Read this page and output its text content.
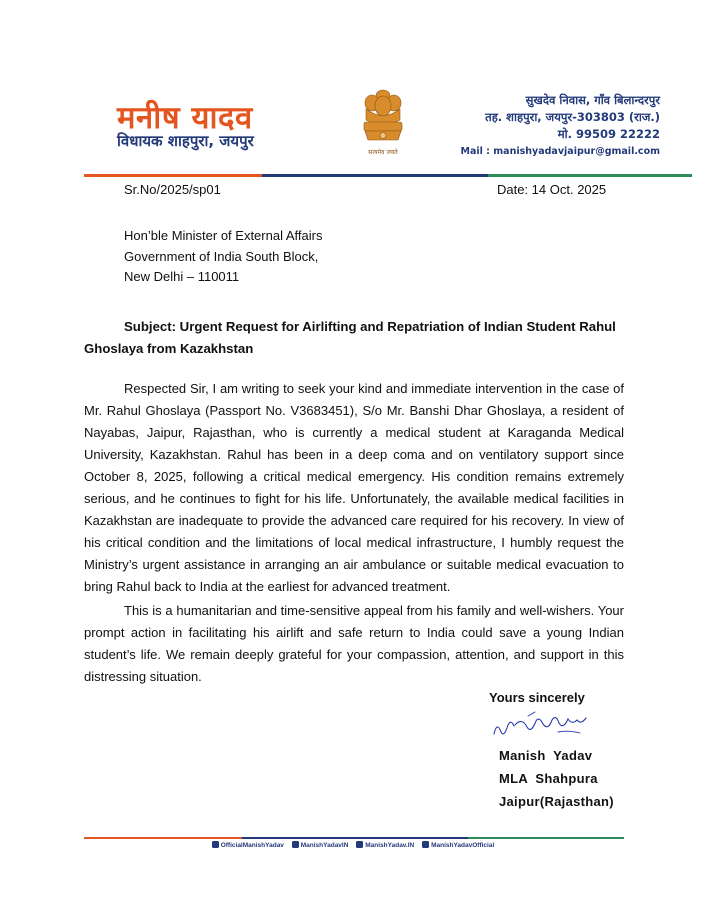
मनीष यादव
विधायक शाहपुरा, जयपुर
सत्यमेव जयते
सुखदेव निवास, गाँव बिलान्दरपुर
तह. शाहपुरा, जयपुर-303803 (राज.)
मो. 99509 22222
Mail : manishyadavjaipur@gmail.com
Sr.No/2025/sp01	Date: 14 Oct. 2025
Hon’ble Minister of External Affairs
Government of India South Block,
New Delhi – 110011
Subject: Urgent Request for Airlifting and Repatriation of Indian Student Rahul Ghoslaya from Kazakhstan
Respected Sir, I am writing to seek your kind and immediate intervention in the case of Mr. Rahul Ghoslaya (Passport No. V3683451), S/o Mr. Banshi Dhar Ghoslaya, a resident of Nayabas, Jaipur, Rajasthan, who is currently a medical student at Karaganda Medical University, Kazakhstan. Rahul has been in a deep coma and on ventilatory support since October 8, 2025, following a critical medical emergency. His condition remains extremely serious, and he continues to fight for his life. Unfortunately, the available medical facilities in Kazakhstan are inadequate to provide the advanced care required for his recovery. In view of his critical condition and the limitations of local medical infrastructure, I humbly request the Ministry’s urgent assistance in arranging an air ambulance or suitable medical evacuation to bring Rahul back to India at the earliest for advanced treatment.
This is a humanitarian and time-sensitive appeal from his family and well-wishers. Your prompt action in facilitating his airlift and safe return to India could save a young Indian student’s life. We remain deeply grateful for your compassion, attention, and support in this distressing situation.
Yours sincerely
Manish  Yadav
MLA  Shahpura
Jaipur(Rajasthan)
OfficialManishYadav	ManishYadavIN	ManishYadav.IN	ManishYadavOfficial
